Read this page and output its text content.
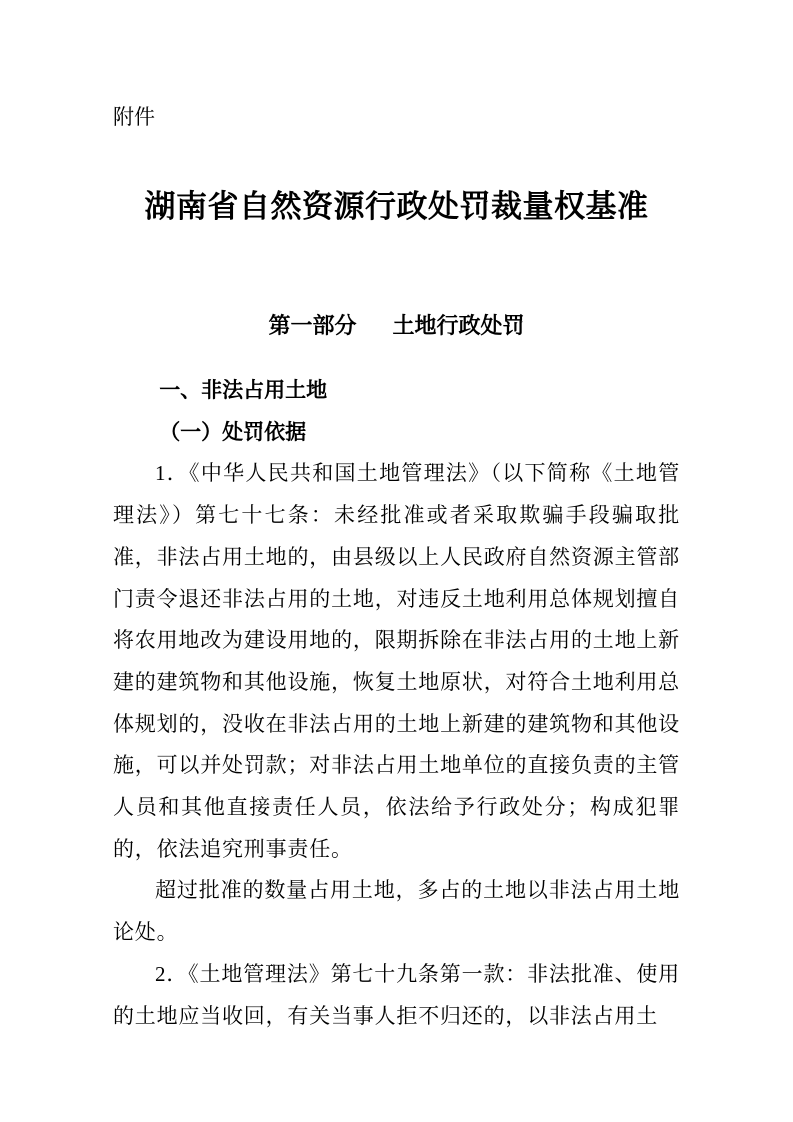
附件
湖南省自然资源行政处罚裁量权基准
第一部分 土地行政处罚
一、非法占用土地
（一）处罚依据

1．《中华人民共和国土地管理法》（以下简称《土地管理法》）第七十七条：未经批准或者采取欺骗手段骗取批准，非法占用土地的，由县级以上人民政府自然资源主管部门责令退还非法占用的土地，对违反土地利用总体规划擅自将农用地改为建设用地的，限期拆除在非法占用的土地上新建的建筑物和其他设施，恢复土地原状，对符合土地利用总体规划的，没收在非法占用的土地上新建的建筑物和其他设施，可以并处罚款；对非法占用土地单位的直接负责的主管人员和其他直接责任人员，依法给予行政处分；构成犯罪的，依法追究刑事责任。

超过批准的数量占用土地，多占的土地以非法占用土地论处。

2．《土地管理法》第七十九条第一款：非法批准、使用的土地应当收回，有关当事人拒不归还的，以非法占用土
